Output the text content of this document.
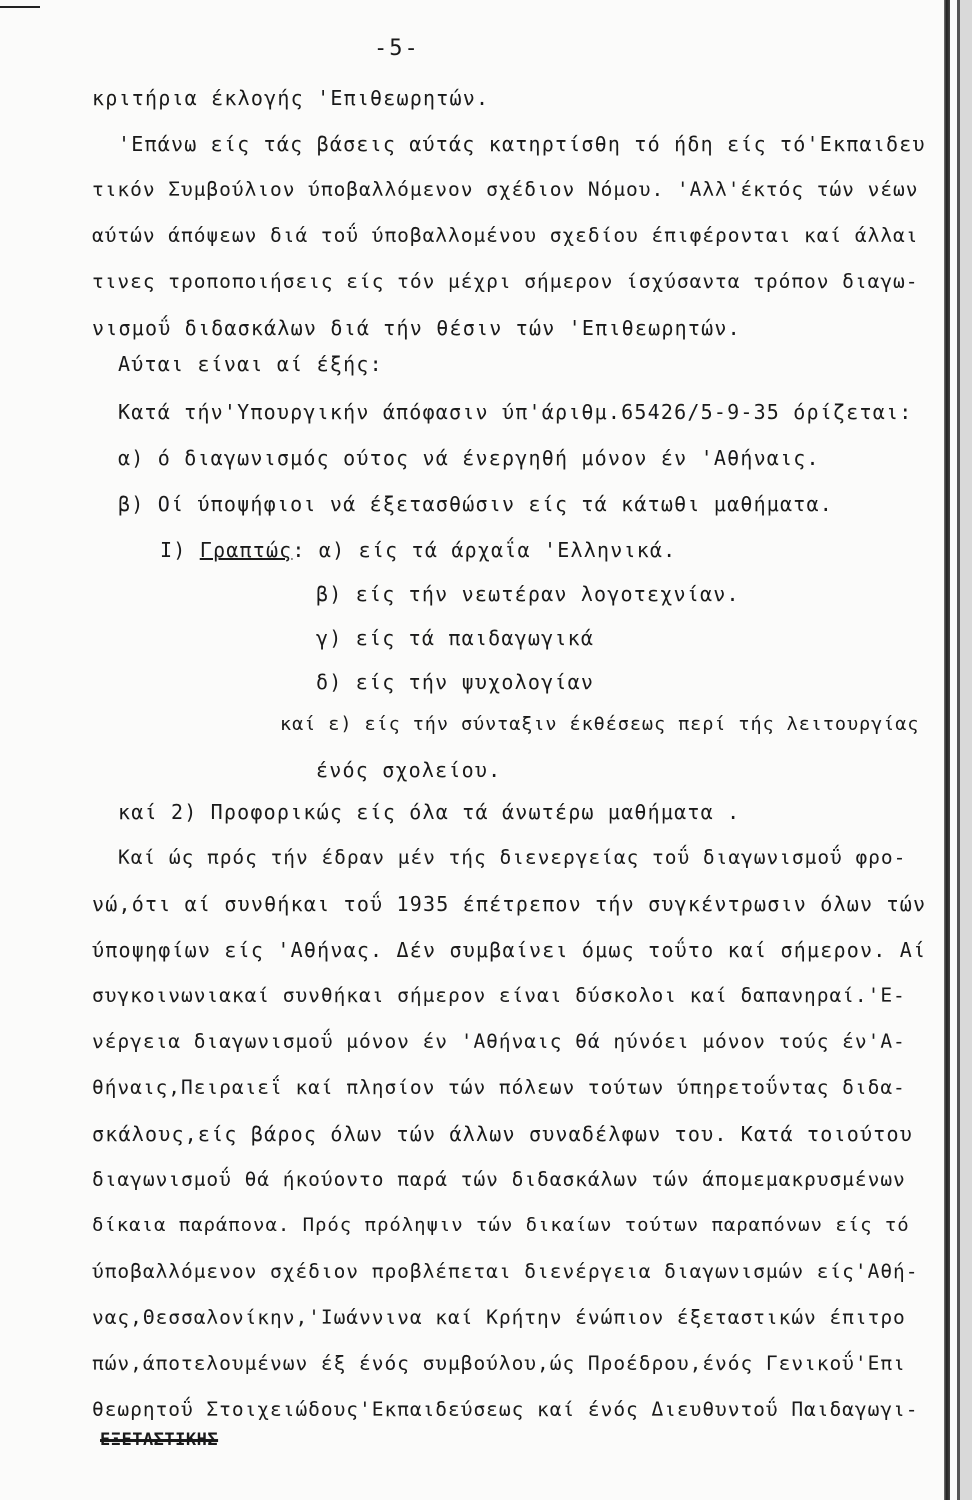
-5-
κριτήρια έκλογής 'Επιθεωρητών.
'Επάνω είς τάς βάσεις αύτάς κατηρτίσθη τό ήδη είς τό'Εκπαιδευ
τικόν Συμβούλιον ύποβαλλόμενον σχέδιον Νόμου. 'Αλλ'έκτός τών νέων
αύτών άπόψεων διά τοΰ ύποβαλλομένου σχεδίου έπιφέρονται καί άλλαι
τινες τροποποιήσεις είς τόν μέχρι σήμερον ίσχύσαντα τρόπον διαγω-
νισμοΰ διδασκάλων διά τήν θέσιν τών 'Επιθεωρητών.
Αύται είναι αί έξής:
Κατά τήν'Υπουργικήν άπόφασιν ύπ'άριθμ.65426/5-9-35 όρίζεται:
α) ό διαγωνισμός ούτος νά ένεργηθή μόνον έν 'Αθήναις.
β) Οί ύποψήφιοι νά έξετασθώσιν είς τά κάτωθι μαθήματα.
Ι) Γραπτώς: α) είς τά άρχαΐα 'Ελληνικά.
β) είς τήν νεωτέραν λογοτεχνίαν.
γ) είς τά παιδαγωγικά
δ) είς τήν ψυχολογίαν
καί ε) είς τήν σύνταξιν έκθέσεως περί τής λειτουργίας
ένός σχολείου.
καί 2) Προφορικώς είς όλα τά άνωτέρω μαθήματα .
Καί ώς πρός τήν έδραν μέν τής διενεργείας τοΰ διαγωνισμοΰ φρο-
νώ,ότι αί συνθήκαι τοΰ 1935 έπέτρεπον τήν συγκέντρωσιν όλων τών
ύποψηφίων είς 'Αθήνας. Δέν συμβαίνει όμως τοΰτο καί σήμερον. Αί
συγκοινωνιακαί συνθήκαι σήμερον είναι δύσκολοι καί δαπανηραί.'Ε-
νέργεια διαγωνισμοΰ μόνον έν 'Αθήναις θά ηύνόει μόνον τούς έν'Α-
θήναις,Πειραιεΐ καί πλησίον τών πόλεων τούτων ύπηρετοΰντας διδα-
σκάλους,είς βάρος όλων τών άλλων συναδέλφων του. Κατά τοιούτου
διαγωνισμοΰ θά ήκούοντο παρά τών διδασκάλων τών άπομεμακρυσμένων
δίκαια παράπονα. Πρός πρόληψιν τών δικαίων τούτων παραπόνων είς τό
ύποβαλλόμενον σχέδιον προβλέπεται διενέργεια διαγωνισμών είς'Αθή-
νας,Θεσσαλονίκην,'Ιωάννινα καί Κρήτην ένώπιον έξεταστικών έπιτρο
πών,άποτελουμένων έξ ένός συμβούλου,ώς Προέδρου,ένός Γενικοΰ'Επι
θεωρητοΰ Στοιχειώδους'Εκπαιδεύσεως καί ένός Διευθυντοΰ Παιδαγωγι-
ΕΞΕΤΑΣΤΙΚΗΣ
